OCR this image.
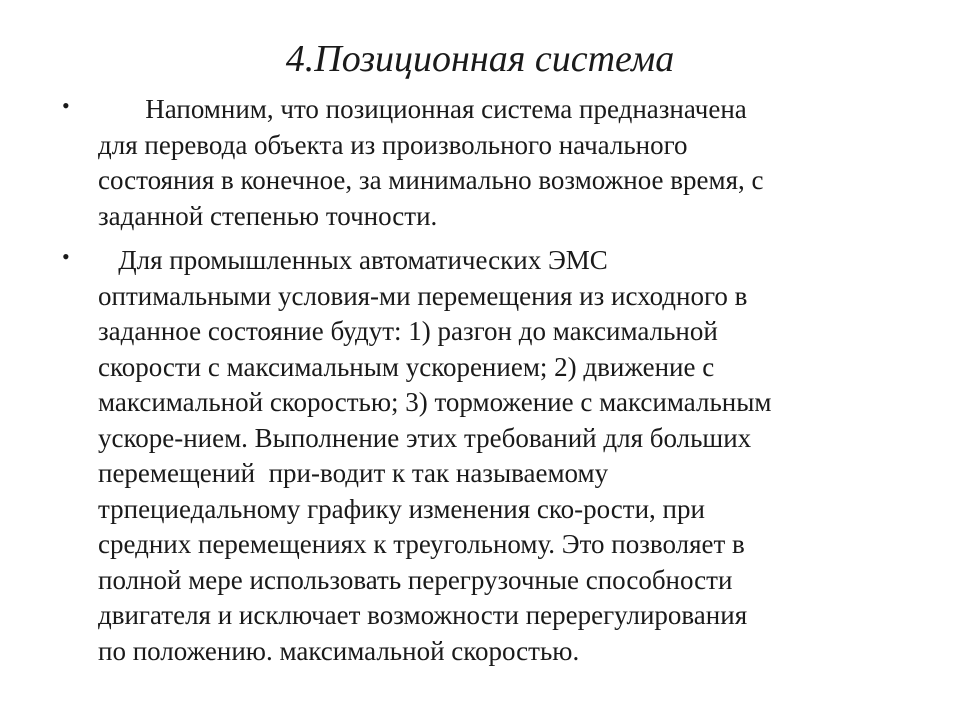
4.Позиционная система
• Напомним, что позиционная система предназначена
для перевода объекта из произвольного начального
состояния в конечное, за минимально возможное время, с
заданной степенью точности.
• Для промышленных автоматических ЭМС
оптимальными условия-ми перемещения из исходного в
заданное состояние будут: 1) разгон до максимальной
скорости с максимальным ускорением; 2) движение с
максимальной скоростью; 3) торможение с максимальным
ускоре-нием. Выполнение этих требований для больших
перемещений  при-водит к так называемому
трпециедальному графику изменения ско-рости, при
средних перемещениях к треугольному. Это позволяет в
полной мере использовать перегрузочные способности
двигателя и исключает возможности перерегулирования
по положению. максимальной скоростью.
